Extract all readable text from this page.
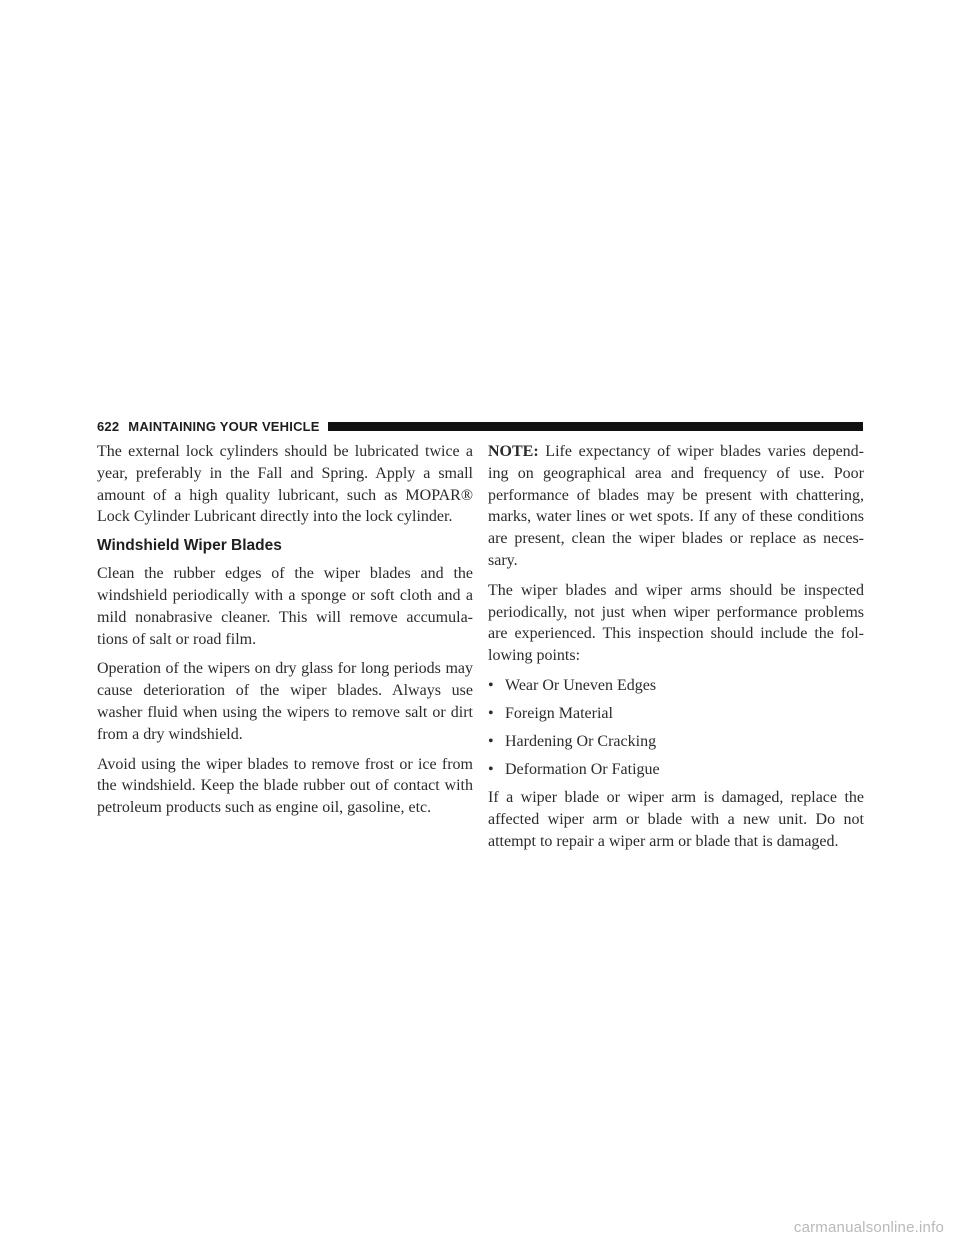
622 MAINTAINING YOUR VEHICLE

The external lock cylinders should be lubricated twice a year, preferably in the Fall and Spring. Apply a small amount of a high quality lubricant, such as MOPAR® Lock Cylinder Lubricant directly into the lock cylinder.

Windshield Wiper Blades

Clean the rubber edges of the wiper blades and the windshield periodically with a sponge or soft cloth and a mild nonabrasive cleaner. This will remove accumula-tions of salt or road film.

Operation of the wipers on dry glass for long periods may cause deterioration of the wiper blades. Always use washer fluid when using the wipers to remove salt or dirt from a dry windshield.

Avoid using the wiper blades to remove frost or ice from the windshield. Keep the blade rubber out of contact with petroleum products such as engine oil, gasoline, etc.

NOTE: Life expectancy of wiper blades varies depend-ing on geographical area and frequency of use. Poor performance of blades may be present with chattering, marks, water lines or wet spots. If any of these conditions are present, clean the wiper blades or replace as neces-sary.

The wiper blades and wiper arms should be inspected periodically, not just when wiper performance problems are experienced. This inspection should include the fol-lowing points:

• Wear Or Uneven Edges
• Foreign Material
• Hardening Or Cracking
• Deformation Or Fatigue

If a wiper blade or wiper arm is damaged, replace the affected wiper arm or blade with a new unit. Do not attempt to repair a wiper arm or blade that is damaged.

carmanualsonline.info
